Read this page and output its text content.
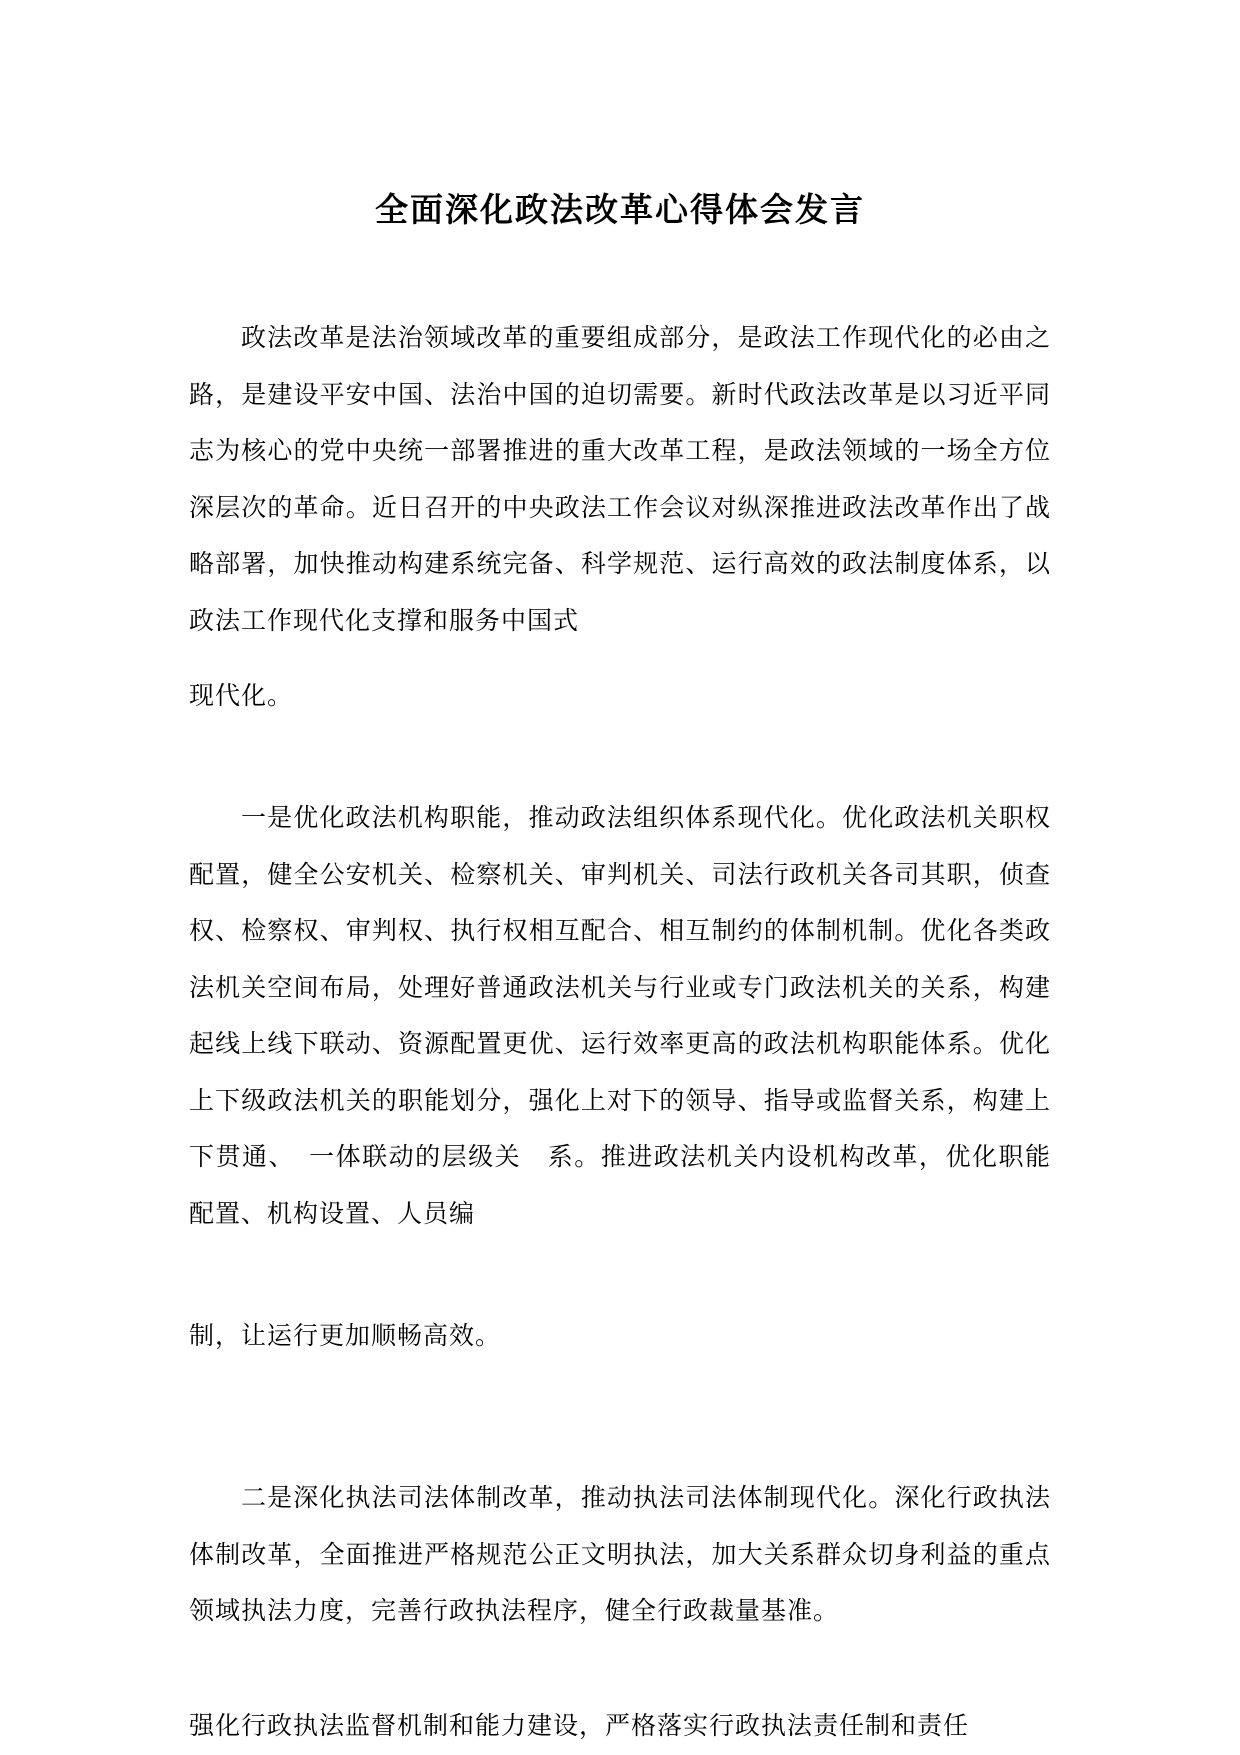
全面深化政法改革心得体会发言

政法改革是法治领域改革的重要组成部分，是政法工作现代化的必由之路，是建设平安中国、法治中国的迫切需要。新时代政法改革是以习近平同志为核心的党中央统一部署推进的重大改革工程，是政法领域的一场全方位深层次的革命。近日召开的中央政法工作会议对纵深推进政法改革作出了战略部署，加快推动构建系统完备、科学规范、运行高效的政法制度体系，以政法工作现代化支撑和服务中国式

现代化。

一是优化政法机构职能，推动政法组织体系现代化。优化政法机关职权配置，健全公安机关、检察机关、审判机关、司法行政机关各司其职，侦查权、检察权、审判权、执行权相互配合、相互制约的体制机制。优化各类政法机关空间布局，处理好普通政法机关与行业或专门政法机关的关系，构建起线上线下联动、资源配置更优、运行效率更高的政法机构职能体系。优化上下级政法机关的职能划分，强化上对下的领导、指导或监督关系，构建上下贯通、　一体联动的层级关　系。推进政法机关内设机构改革，优化职能配置、机构设置、人员编

制，让运行更加顺畅高效。

二是深化执法司法体制改革，推动执法司法体制现代化。深化行政执法体制改革，全面推进严格规范公正文明执法，加大关系群众切身利益的重点领域执法力度，完善行政执法程序，健全行政裁量基准。

强化行政执法监督机制和能力建设，严格落实行政执法责任制和责任
